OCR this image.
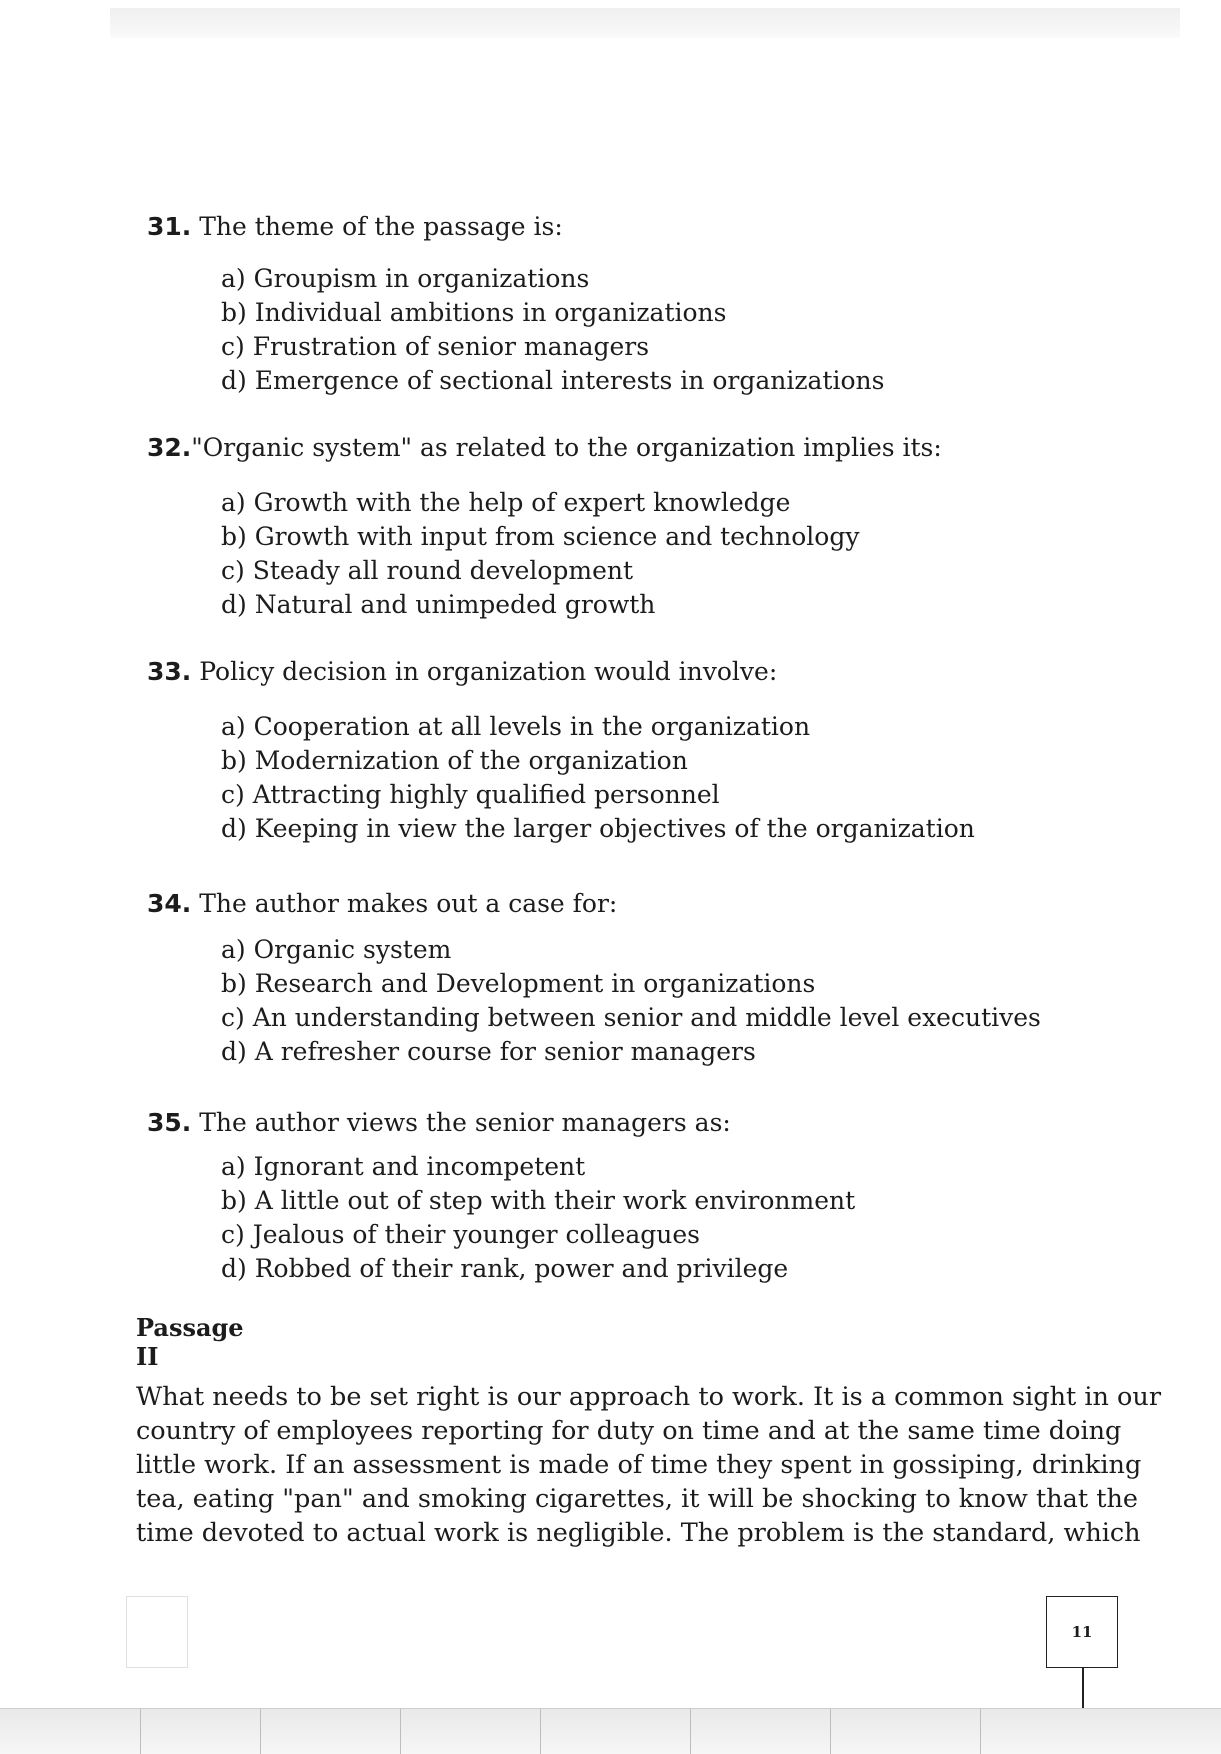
31. The theme of the passage is:
a) Groupism in organizations
b) Individual ambitions in organizations
c) Frustration of senior managers
d) Emergence of sectional interests in organizations
32."Organic system" as related to the organization implies its:
a) Growth with the help of expert knowledge
b) Growth with input from science and technology
c) Steady all round development
d) Natural and unimpeded growth
33. Policy decision in organization would involve:
a) Cooperation at all levels in the organization
b) Modernization of the organization
c) Attracting highly qualified personnel
d) Keeping in view the larger objectives of the organization
34. The author makes out a case for:
a) Organic system
b) Research and Development in organizations
c) An understanding between senior and middle level executives
d) A refresher course for senior managers
35. The author views the senior managers as:
a) Ignorant and incompetent
b) A little out of step with their work environment
c) Jealous of their younger colleagues
d) Robbed of their rank, power and privilege
Passage II
What needs to be set right is our approach to work. It is a common sight in our
country of employees reporting for duty on time and at the same time doing
little work. If an assessment is made of time they spent in gossiping, drinking
tea, eating "pan" and smoking cigarettes, it will be shocking to know that the
time devoted to actual work is negligible. The problem is the standard, which
11
